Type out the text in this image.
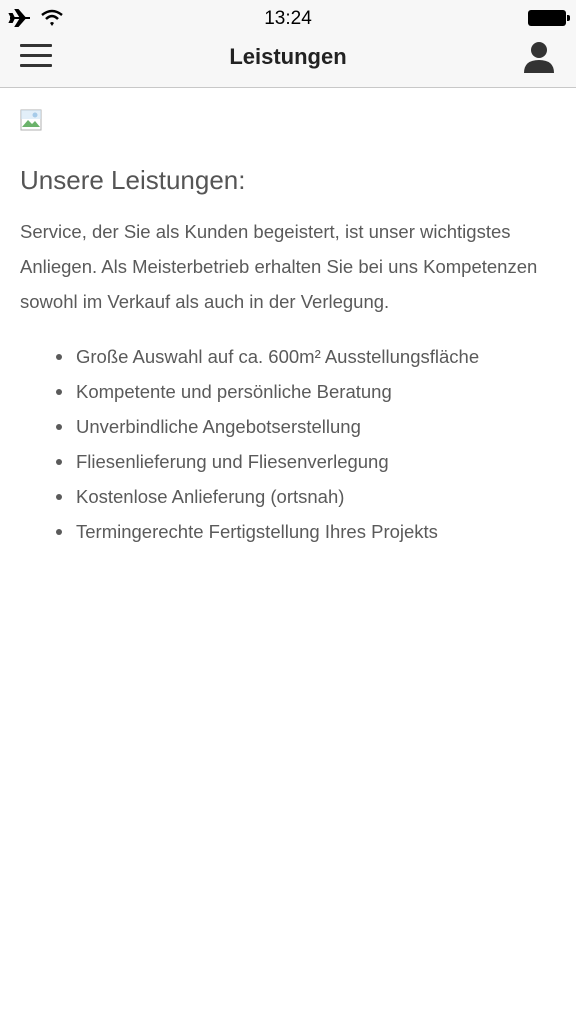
13:24
Leistungen
Unsere Leistungen:

Service, der Sie als Kunden begeistert, ist unser wichtigstes Anliegen. Als Meisterbetrieb erhalten Sie bei uns Kompetenzen sowohl im Verkauf als auch in der Verlegung.

Große Auswahl auf ca. 600m² Ausstellungsfläche
Kompetente und persönliche Beratung
Unverbindliche Angebotserstellung
Fliesenlieferung und Fliesenverlegung
Kostenlose Anlieferung (ortsnah)
Termingerechte Fertigstellung Ihres Projekts
